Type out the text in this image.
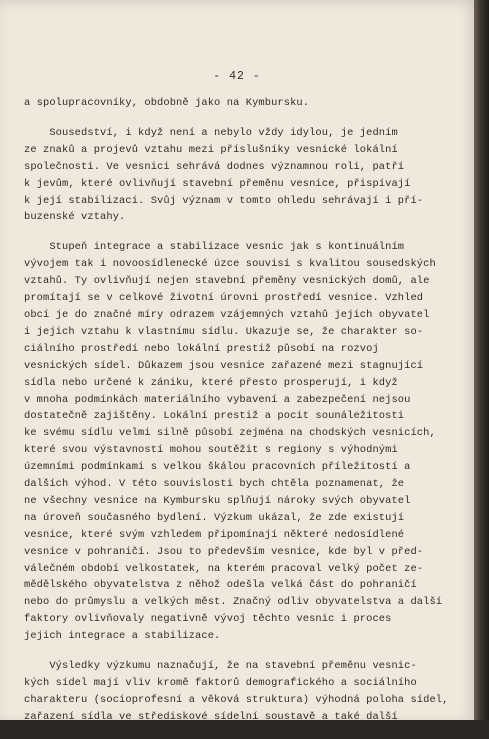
- 42 -
a spolupracovníky, obdobně jako na Kymbursku.
Sousedství, i když není a nebylo vždy idylou, je jedním
ze znaků a projevů vztahu mezi příslušníky vesnické lokální
společnosti. Ve vesnici sehrává dodnes významnou roli, patří
k jevům, které ovlivňují stavební přeměnu vesnice, přispívají
k její stabilizaci. Svůj význam v tomto ohledu sehrávají i pří-
buzenské vztahy.
Stupeň integrace a stabilizace vesnic jak s kontinuálním
vývojem tak i novoosídlenecké úzce souvisí s kvalitou sousedských
vztahů. Ty ovlivňují nejen stavební přeměny vesnických domů, ale
promítají se v celkové životní úrovni prostředí vesnice. Vzhled
obcí je do značné míry odrazem vzájemných vztahů jejich obyvatel
i jejich vztahu k vlastnímu sídlu. Ukazuje se, že charakter so-
ciálního prostředí nebo lokální prestiž působí na rozvoj
vesnických sídel. Důkazem jsou vesnice zařazené mezi stagnující
sídla nebo určené k zániku, které přesto prosperují, i když
v mnoha podmínkách materiálního vybavení a zabezpečení nejsou
dostatečně zajištěny. Lokální prestiž a pocit sounáležitosti
ke svému sídlu velmi silně působí zejména na chodských vesnicích,
které svou výstavností mohou soutěžit s regiony s výhodnými
územními podmínkami s velkou škálou pracovních příležitostí a
dalších výhod. V této souvislosti bych chtěla poznamenat, že
ne všechny vesnice na Kymbursku splňují nároky svých obyvatel
na úroveň současného bydlení. Výzkum ukázal, že zde existují
vesnice, které svým vzhledem připomínají některé nedosídlené
vesnice v pohraničí. Jsou to především vesnice, kde byl v před-
válečném období velkostatek, na kterém pracoval velký počet ze-
mědělského obyvatelstva z něhož odešla velká část do pohraničí
nebo do průmyslu a velkých měst. Značný odliv obyvatelstva a další
faktory ovlivňovaly negativně vývoj těchto vesnic i proces
jejich integrace a stabilizace.
Výsledky výzkumu naznačují, že na stavební přeměnu vesnic-
kých sídel mají vliv kromě faktorů demografického a sociálního
charakteru (socioprofesní a věková struktura) výhodná poloha sídel,
zařazení sídla ve střediskové sídelní soustavě a také další
